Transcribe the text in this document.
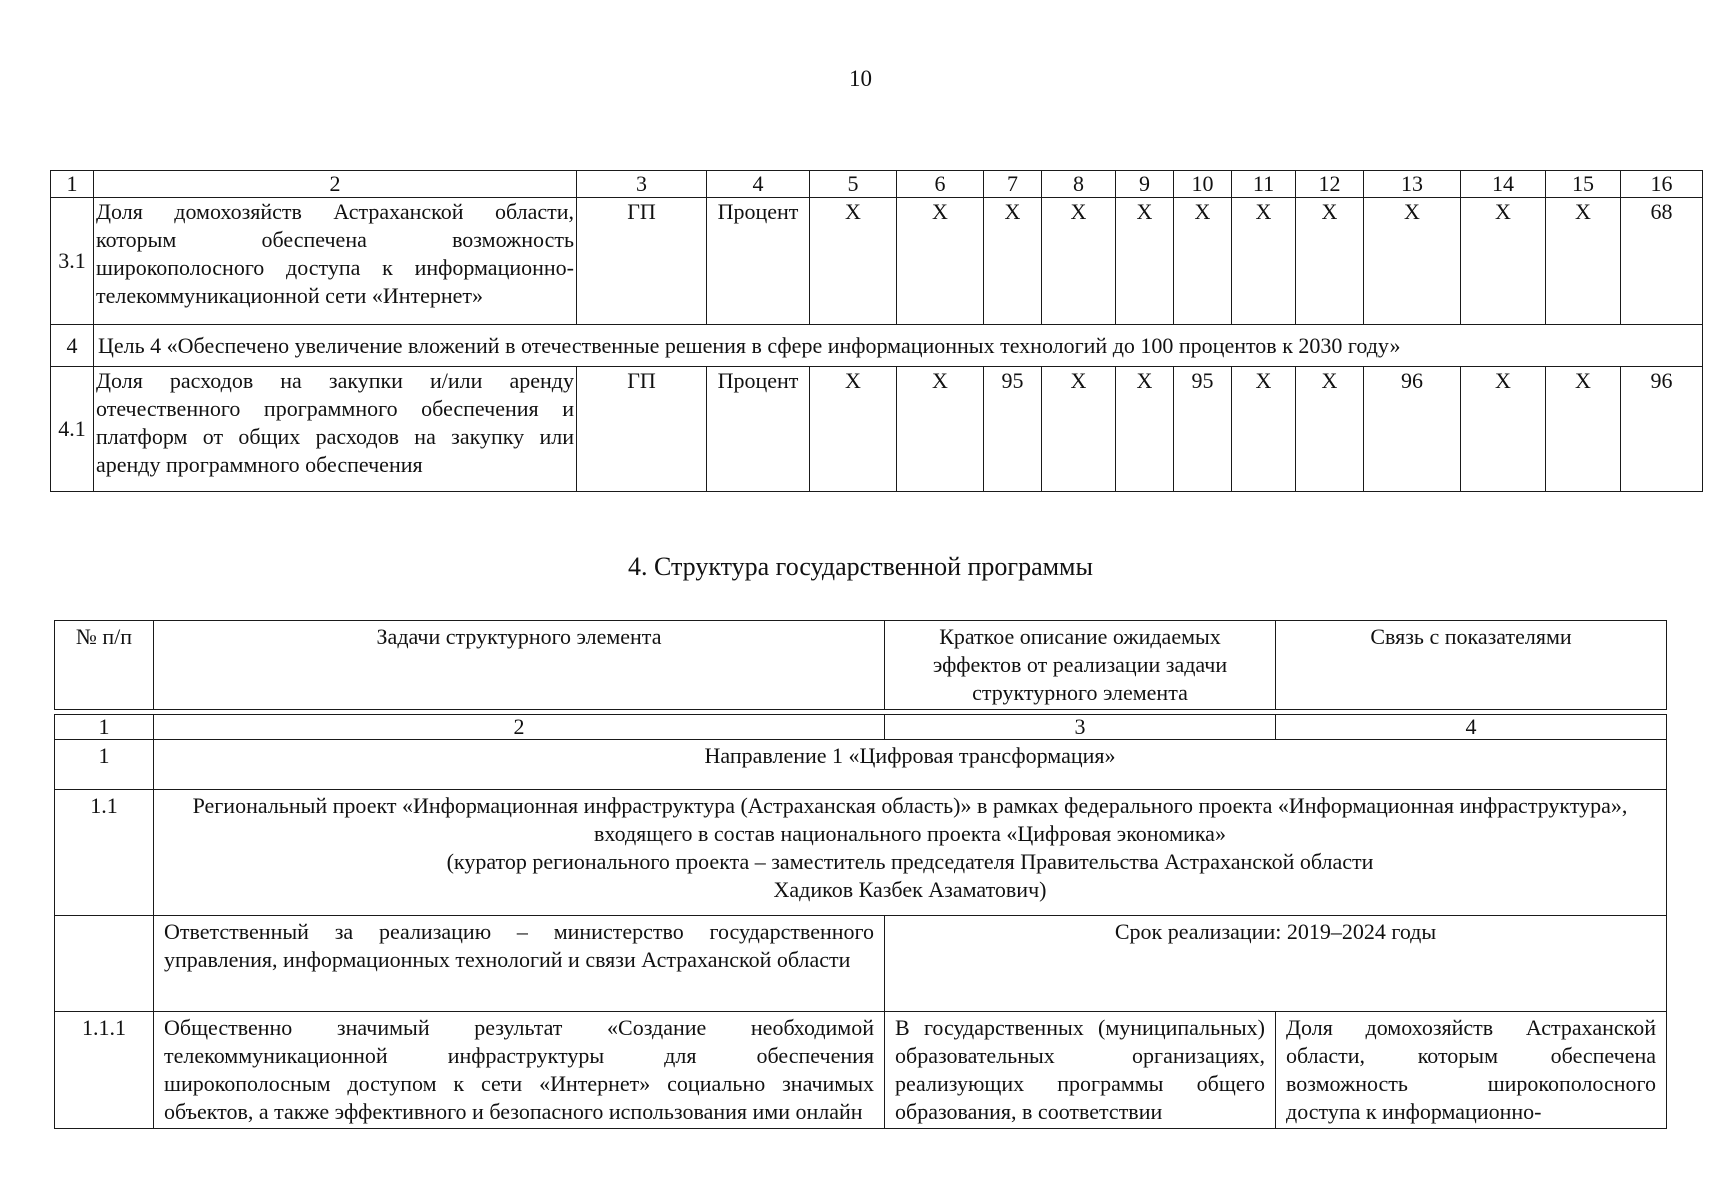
10
1	2	3	4	5	6	7	8	9	10	11	12	13	14	15	16
3.1	Доля домохозяйств Астраханской области, которым обеспечена возможность широкополосного доступа к информационно-телекоммуникационной сети «Интернет»	ГП	Процент	X	X	X	X	X	X	X	X	X	X	X	68
4	Цель 4 «Обеспечено увеличение вложений в отечественные решения в сфере информационных технологий до 100 процентов к 2030 году»														
4.1	Доля расходов на закупки и/или аренду отечественного программного обеспечения и платформ от общих расходов на закупку или аренду программного обеспечения	ГП	Процент	X	X	95	X	X	95	X	X	96	X	X	96
4. Структура государственной программы
№ п/п	Задачи структурного элемента	Краткое описание ожидаемых эффектов от реализации задачи структурного элемента	Связь с показателями

1	2	3	4
1	Направление 1 «Цифровая трансформация»		
1.1	Региональный проект «Информационная инфраструктура (Астраханская область)» в рамках федерального проекта «Информационная инфраструктура», входящего в состав национального проекта «Цифровая экономика»
(куратор регионального проекта – заместитель председателя Правительства Астраханской области
Хадиков Казбек Азаматович)		

	Ответственный за реализацию – министерство государственного управления, информационных технологий и связи Астраханской области	Срок реализации: 2019–2024 годы	
1.1.1	Общественно значимый результат «Создание необходимой телекоммуникационной инфраструктуры для обеспечения широкополосным доступом к сети «Интернет» социально значимых объектов, а также эффективного и безопасного использования ими онлайн	В государственных (муниципальных) образовательных организациях, реализующих программы общего образования, в соответствии	Доля домохозяйств Астраханской области, которым обеспечена возможность широкополосного доступа к информационно-
